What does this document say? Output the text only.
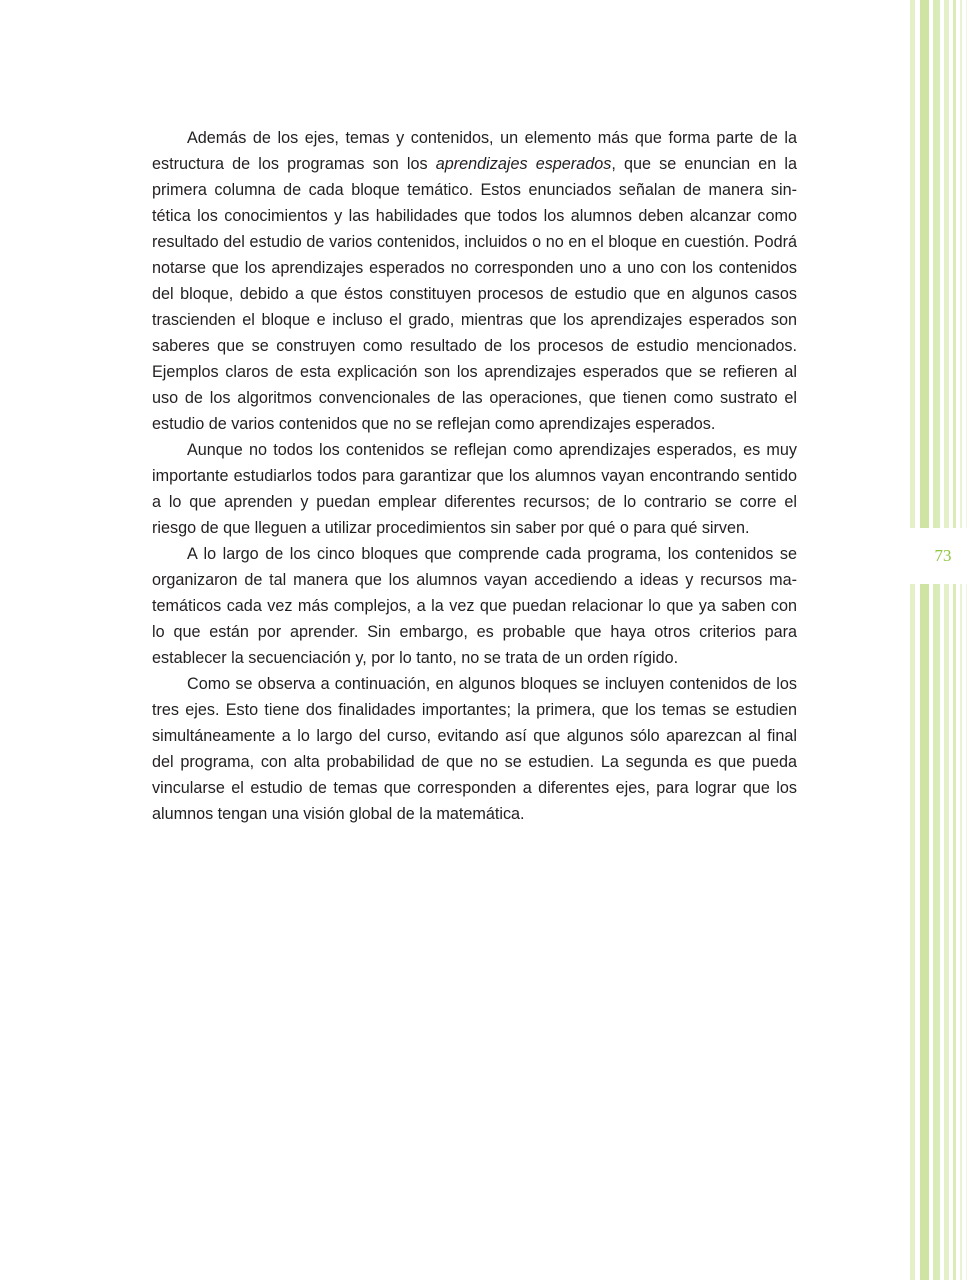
Además de los ejes, temas y contenidos, un elemento más que forma parte de la estructura de los programas son los aprendizajes esperados, que se enuncian en la primera columna de cada bloque temático. Estos enunciados señalan de manera sintética los conocimientos y las habilidades que todos los alumnos deben alcanzar como resultado del estudio de varios contenidos, incluidos o no en el bloque en cuestión. Podrá notarse que los aprendizajes esperados no corresponden uno a uno con los contenidos del bloque, debido a que éstos constituyen procesos de estudio que en algunos casos trascienden el bloque e incluso el grado, mientras que los aprendizajes esperados son saberes que se construyen como resultado de los procesos de estudio mencionados. Ejemplos claros de esta explicación son los aprendizajes esperados que se refieren al uso de los algoritmos convencionales de las operaciones, que tienen como sustrato el estudio de varios contenidos que no se reflejan como aprendizajes esperados.

Aunque no todos los contenidos se reflejan como aprendizajes esperados, es muy importante estudiarlos todos para garantizar que los alumnos vayan encontrando sentido a lo que aprenden y puedan emplear diferentes recursos; de lo contrario se corre el riesgo de que lleguen a utilizar procedimientos sin saber por qué o para qué sirven.

A lo largo de los cinco bloques que comprende cada programa, los contenidos se organizaron de tal manera que los alumnos vayan accediendo a ideas y recursos matemáticos cada vez más complejos, a la vez que puedan relacionar lo que ya saben con lo que están por aprender. Sin embargo, es probable que haya otros criterios para establecer la secuenciación y, por lo tanto, no se trata de un orden rígido.

Como se observa a continuación, en algunos bloques se incluyen contenidos de los tres ejes. Esto tiene dos finalidades importantes; la primera, que los temas se estudien simultáneamente a lo largo del curso, evitando así que algunos sólo aparezcan al final del programa, con alta probabilidad de que no se estudien. La segunda es que pueda vincularse el estudio de temas que corresponden a diferentes ejes, para lograr que los alumnos tengan una visión global de la matemática.

73
